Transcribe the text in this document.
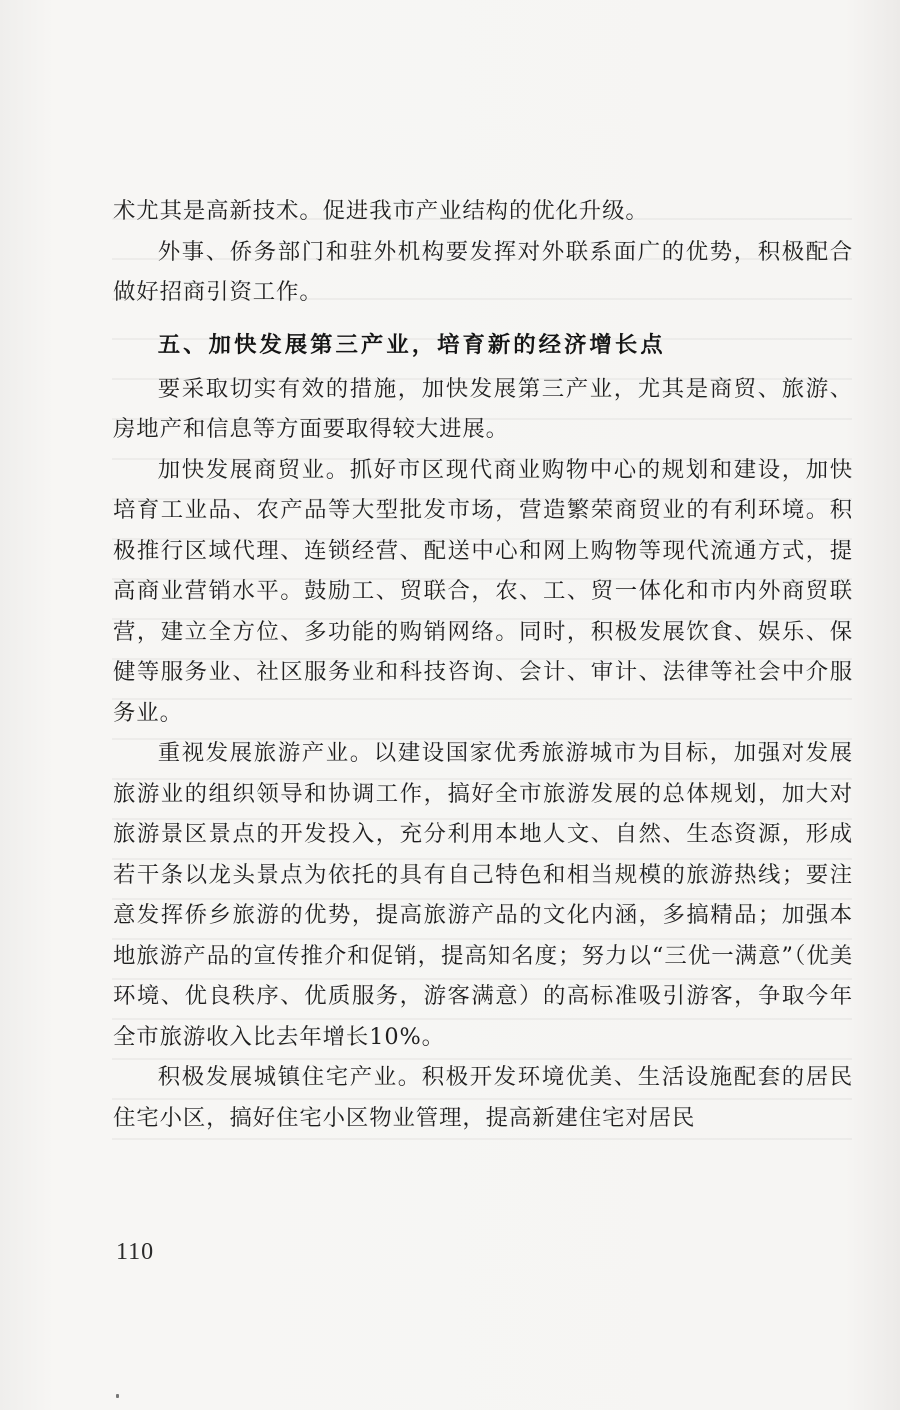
术尤其是高新技术。促进我市产业结构的优化升级。

外事、侨务部门和驻外机构要发挥对外联系面广的优势，积极配合做好招商引资工作。

五、加快发展第三产业，培育新的经济增长点

要采取切实有效的措施，加快发展第三产业，尤其是商贸、旅游、房地产和信息等方面要取得较大进展。

加快发展商贸业。抓好市区现代商业购物中心的规划和建设，加快培育工业品、农产品等大型批发市场，营造繁荣商贸业的有利环境。积极推行区域代理、连锁经营、配送中心和网上购物等现代流通方式，提高商业营销水平。鼓励工、贸联合，农、工、贸一体化和市内外商贸联营，建立全方位、多功能的购销网络。同时，积极发展饮食、娱乐、保健等服务业、社区服务业和科技咨询、会计、审计、法律等社会中介服务业。

重视发展旅游产业。以建设国家优秀旅游城市为目标，加强对发展旅游业的组织领导和协调工作，搞好全市旅游发展的总体规划，加大对旅游景区景点的开发投入，充分利用本地人文、自然、生态资源，形成若干条以龙头景点为依托的具有自己特色和相当规模的旅游热线；要注意发挥侨乡旅游的优势，提高旅游产品的文化内涵，多搞精品；加强本地旅游产品的宣传推介和促销，提高知名度；努力以“三优一满意”（优美环境、优良秩序、优质服务，游客满意）的高标准吸引游客，争取今年全市旅游收入比去年增长10%。

积极发展城镇住宅产业。积极开发环境优美、生活设施配套的居民住宅小区，搞好住宅小区物业管理，提高新建住宅对居民

110
